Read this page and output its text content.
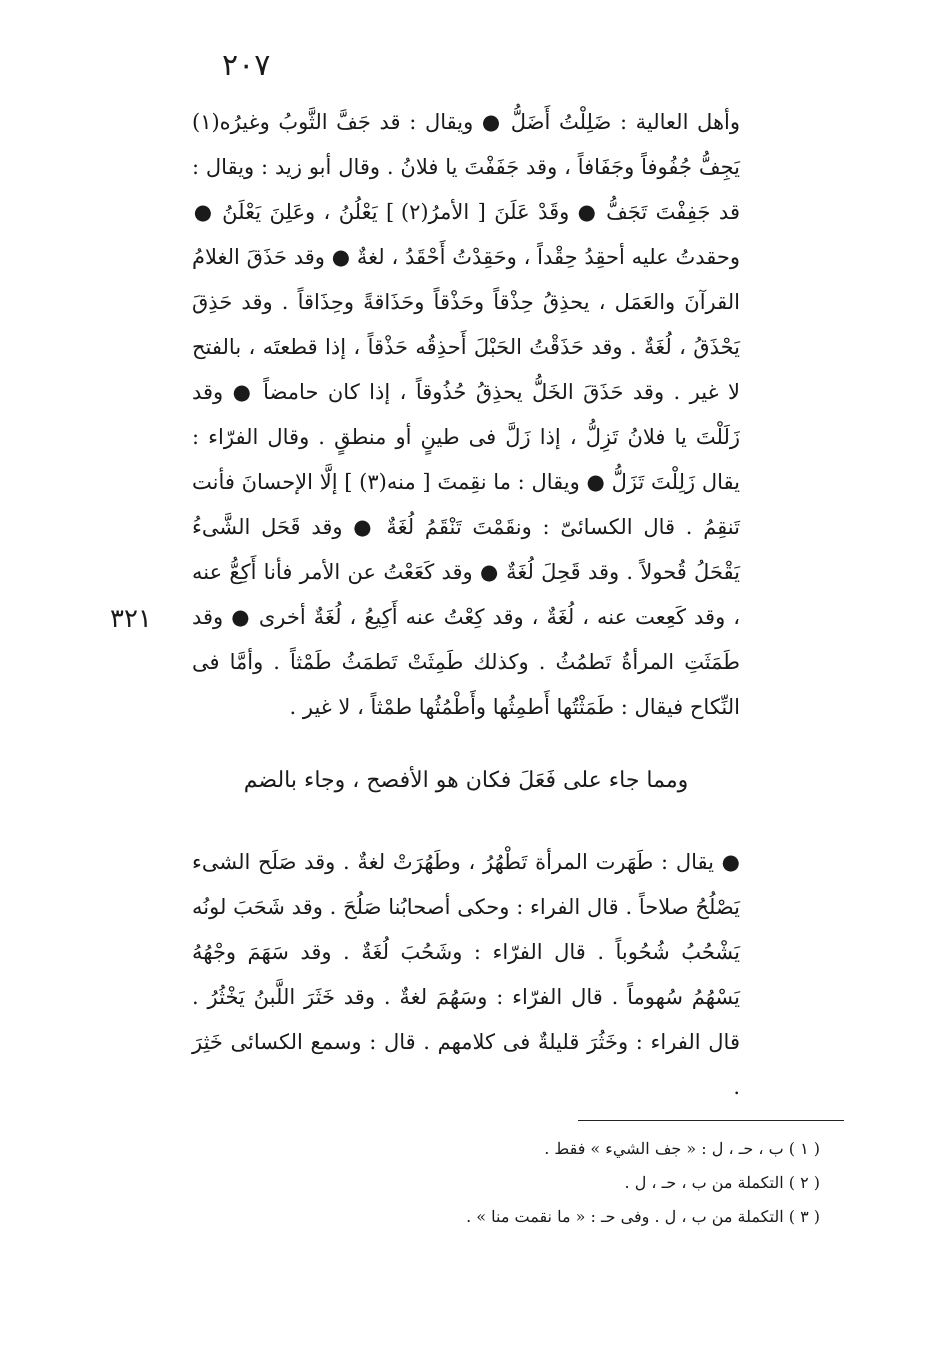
٢٠٧
٣٢١

وأهل العالية : ضَلِلْتُ أَضَلُّ ● ويقال : قد جَفَّ الثَّوبُ وغيرُه(١) يَجِفُّ جُفُوفاً وجَفَافاً ، وقد جَفَفْتَ يا فلانُ . وقال أبو زيد : ويقال : قد جَفِفْتَ تَجَفُّ ● وقَدْ عَلَنَ [ الأمرُ(٢) ] يَعْلُنُ ، وعَلِنَ يَعْلَنُ ● وحقدتُ عليه أحقِدُ حِقْداً ، وحَقِدْتُ أَحْقَدُ ، لغةٌ ● وقد حَذَقَ الغلامُ القرآنَ والعَمَل ، يحذِقُ حِذْقاً وحَذْقاً وحَذَاقةً وحِذَاقاً . وقد حَذِقَ يَحْذَقُ ، لُغَةٌ . وقد حَذَقْتُ الحَبْلَ أَحذِقُه حَذْقاً ، إذا قطعتَه ، بالفتح لا غير . وقد حَذَقَ الخَلُّ يحذِقُ حُذُوقاً ، إذا كان حامضاً ● وقد زَلَلْتَ يا فلانُ تَزِلُّ ، إذا زَلَّ فى طينٍ أو منطقٍ . وقال الفرّاء : يقال زَلِلْتَ تَزَلُّ ● ويقال : ما نقِمتَ [ منه(٣) ] إلَّا الإحسانَ فأنت تَنقِمُ . قال الكسائىّ : ونقَمْتَ تَنْقَمُ لُغَةٌ ● وقد قَحَل الشَّىءُ يَقْحَلُ قُحولاً . وقد قَحِلَ لُغَةٌ ● وقد كَعَعْتُ عن الأمر فأنا أَكِعُّ عنه ، وقد كَعِعت عنه ، لُغَةٌ ، وقد كِعْتُ عنه أَكِيعُ ، لُغَةٌ أخرى ● وقد طَمَثَتِ المرأةُ تَطمُثُ . وكذلك طَمِثَتْ تَطمَثُ طَمْثاً . وأمَّا فى النِّكاح فيقال : طَمَثْتُها أَطمِثُها وأَطْمُثُها طمْثاً ، لا غير .

ومما جاء على فَعَلَ فكان هو الأفصح ، وجاء بالضم

● يقال : طَهَرت المرأة تَطْهُرُ ، وطَهُرَتْ لغةٌ . وقد صَلَح الشىء يَصْلُحُ صلاحاً . قال الفراء : وحكى أصحابُنا صَلُحَ . وقد شَحَبَ لونُه يَشْحُبُ شُحُوباً . قال الفرّاء : وشَحُبَ لُغَةٌ . وقد سَهَمَ وجْهُهُ يَسْهُمُ سُهوماً . قال الفرّاء : وسَهُمَ لغةٌ . وقد خَثَرَ اللَّبنُ يَخْثُرُ . قال الفراء : وخَثُرَ قليلةٌ فى كلامهم . قال : وسمع الكسائى خَثِرَ .

( ١ ) ب ، حـ ، ل : « جف الشيء » فقط .

( ٢ ) التكملة من ب ، حـ ، ل .

( ٣ ) التكملة من ب ، ل . وفى حـ : « ما نقمت منا » .
